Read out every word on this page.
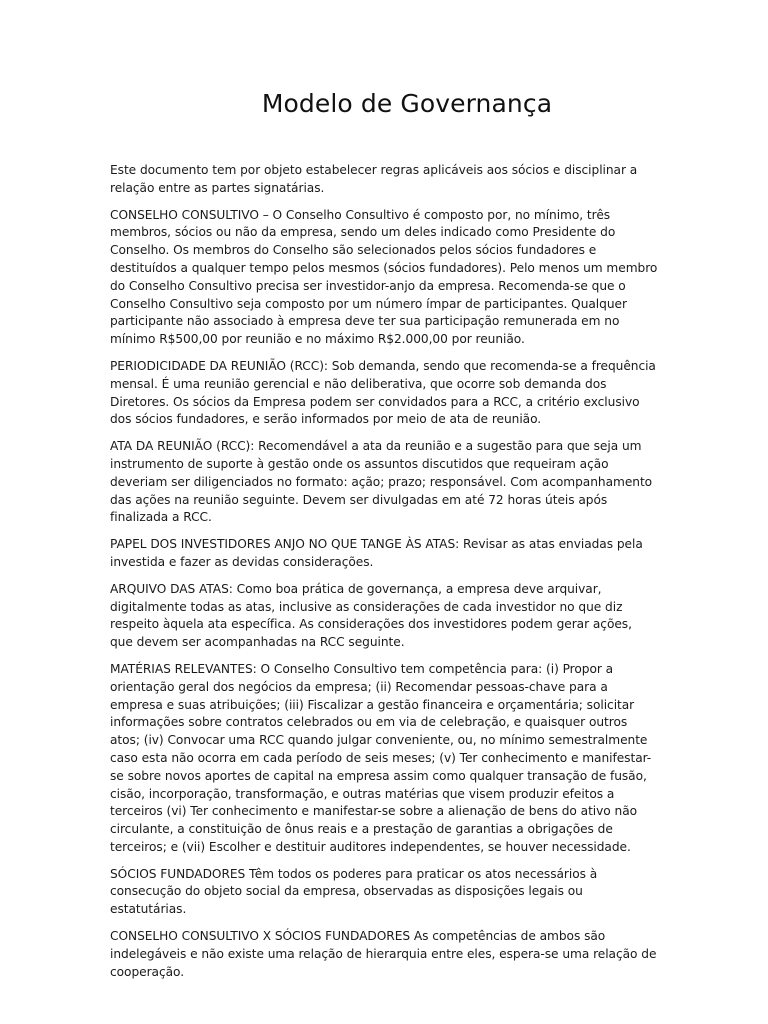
Modelo de Governança

Este documento tem por objeto estabelecer regras aplicáveis aos sócios e disciplinar a relação entre as partes signatárias.

CONSELHO CONSULTIVO – O Conselho Consultivo é composto por, no mínimo, três membros, sócios ou não da empresa, sendo um deles indicado como Presidente do Conselho. Os membros do Conselho são selecionados pelos sócios fundadores e destituídos a qualquer tempo pelos mesmos (sócios fundadores). Pelo menos um membro do Conselho Consultivo precisa ser investidor-anjo da empresa. Recomenda-se que o Conselho Consultivo seja composto por um número ímpar de participantes. Qualquer participante não associado à empresa deve ter sua participação remunerada em no mínimo R$500,00 por reunião e no máximo R$2.000,00 por reunião.

PERIODICIDADE DA REUNIÃO (RCC): Sob demanda, sendo que recomenda-se a frequência mensal. É uma reunião gerencial e não deliberativa, que ocorre sob demanda dos Diretores. Os sócios da Empresa podem ser convidados para a RCC, a critério exclusivo dos sócios fundadores, e serão informados por meio de ata de reunião.

ATA DA REUNIÃO (RCC): Recomendável a ata da reunião e a sugestão para que seja um instrumento de suporte à gestão onde os assuntos discutidos que requeiram ação deveriam ser diligenciados no formato: ação; prazo; responsável. Com acompanhamento das ações na reunião seguinte. Devem ser divulgadas em até 72 horas úteis após finalizada a RCC.

PAPEL DOS INVESTIDORES ANJO NO QUE TANGE ÀS ATAS: Revisar as atas enviadas pela investida e fazer as devidas considerações.

ARQUIVO DAS ATAS: Como boa prática de governança, a empresa deve arquivar, digitalmente todas as atas, inclusive as considerações de cada investidor no que diz respeito àquela ata específica. As considerações dos investidores podem gerar ações, que devem ser acompanhadas na RCC seguinte.

MATÉRIAS RELEVANTES: O Conselho Consultivo tem competência para: (i) Propor a orientação geral dos negócios da empresa; (ii) Recomendar pessoas-chave para a empresa e suas atribuições; (iii) Fiscalizar a gestão financeira e orçamentária; solicitar informações sobre contratos celebrados ou em via de celebração, e quaisquer outros atos; (iv) Convocar uma RCC quando julgar conveniente, ou, no mínimo semestralmente caso esta não ocorra em cada período de seis meses; (v) Ter conhecimento e manifestar-se sobre novos aportes de capital na empresa assim como qualquer transação de fusão, cisão, incorporação, transformação, e outras matérias que visem produzir efeitos a terceiros (vi) Ter conhecimento e manifestar-se sobre a alienação de bens do ativo não circulante, a constituição de ônus reais e a prestação de garantias a obrigações de terceiros; e (vii) Escolher e destituir auditores independentes, se houver necessidade.

SÓCIOS FUNDADORES Têm todos os poderes para praticar os atos necessários à consecução do objeto social da empresa, observadas as disposições legais ou estatutárias.

CONSELHO CONSULTIVO X SÓCIOS FUNDADORES As competências de ambos são indelegáveis e não existe uma relação de hierarquia entre eles, espera-se uma relação de cooperação.
